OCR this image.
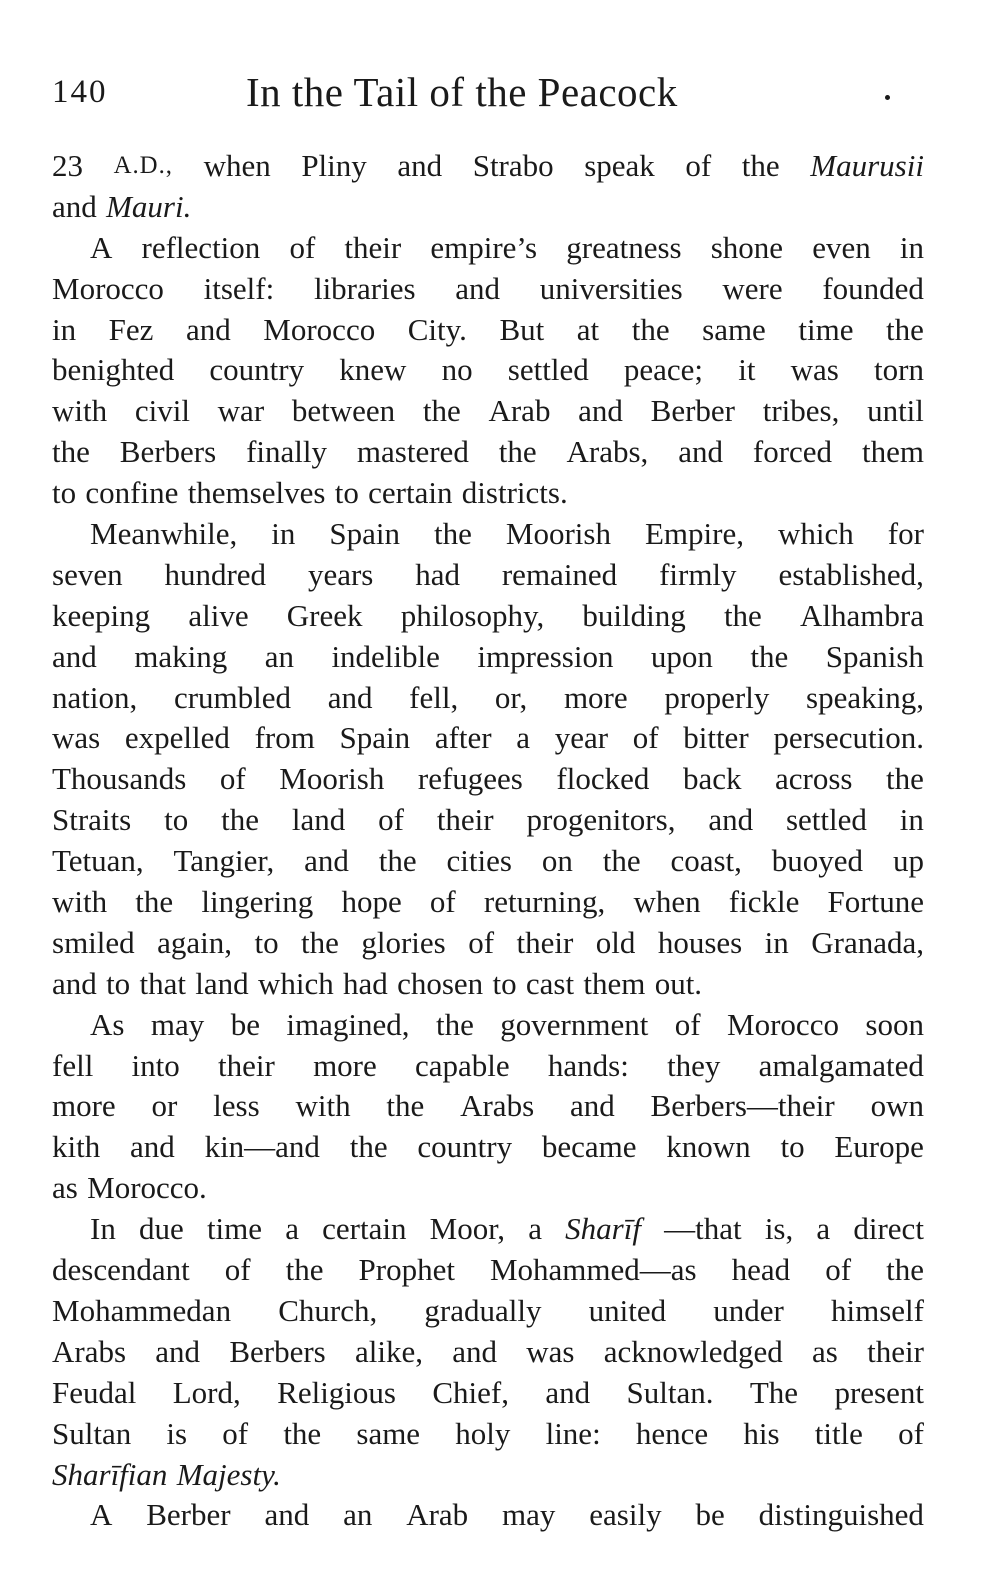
140	In the Tail of the Peacock
23 A.D., when Pliny and Strabo speak of the Maurusii
and Mauri.
A reflection of their empire’s greatness shone even in
Morocco itself: libraries and universities were founded
in Fez and Morocco City. But at the same time the
benighted country knew no settled peace; it was torn
with civil war between the Arab and Berber tribes, until
the Berbers finally mastered the Arabs, and forced them
to confine themselves to certain districts.
Meanwhile, in Spain the Moorish Empire, which for
seven hundred years had remained firmly established,
keeping alive Greek philosophy, building the Alhambra
and making an indelible impression upon the Spanish
nation, crumbled and fell, or, more properly speaking,
was expelled from Spain after a year of bitter persecution.
Thousands of Moorish refugees flocked back across the
Straits to the land of their progenitors, and settled in
Tetuan, Tangier, and the cities on the coast, buoyed up
with the lingering hope of returning, when fickle Fortune
smiled again, to the glories of their old houses in Granada,
and to that land which had chosen to cast them out.
As may be imagined, the government of Morocco soon
fell into their more capable hands: they amalgamated
more or less with the Arabs and Berbers—their own
kith and kin—and the country became known to Europe
as Morocco.
In due time a certain Moor, a Sharīf —that is, a direct
descendant of the Prophet Mohammed—as head of the
Mohammedan Church, gradually united under himself
Arabs and Berbers alike, and was acknowledged as their
Feudal Lord, Religious Chief, and Sultan. The present
Sultan is of the same holy line: hence his title of
Sharīfian Majesty.
A Berber and an Arab may easily be distinguished
